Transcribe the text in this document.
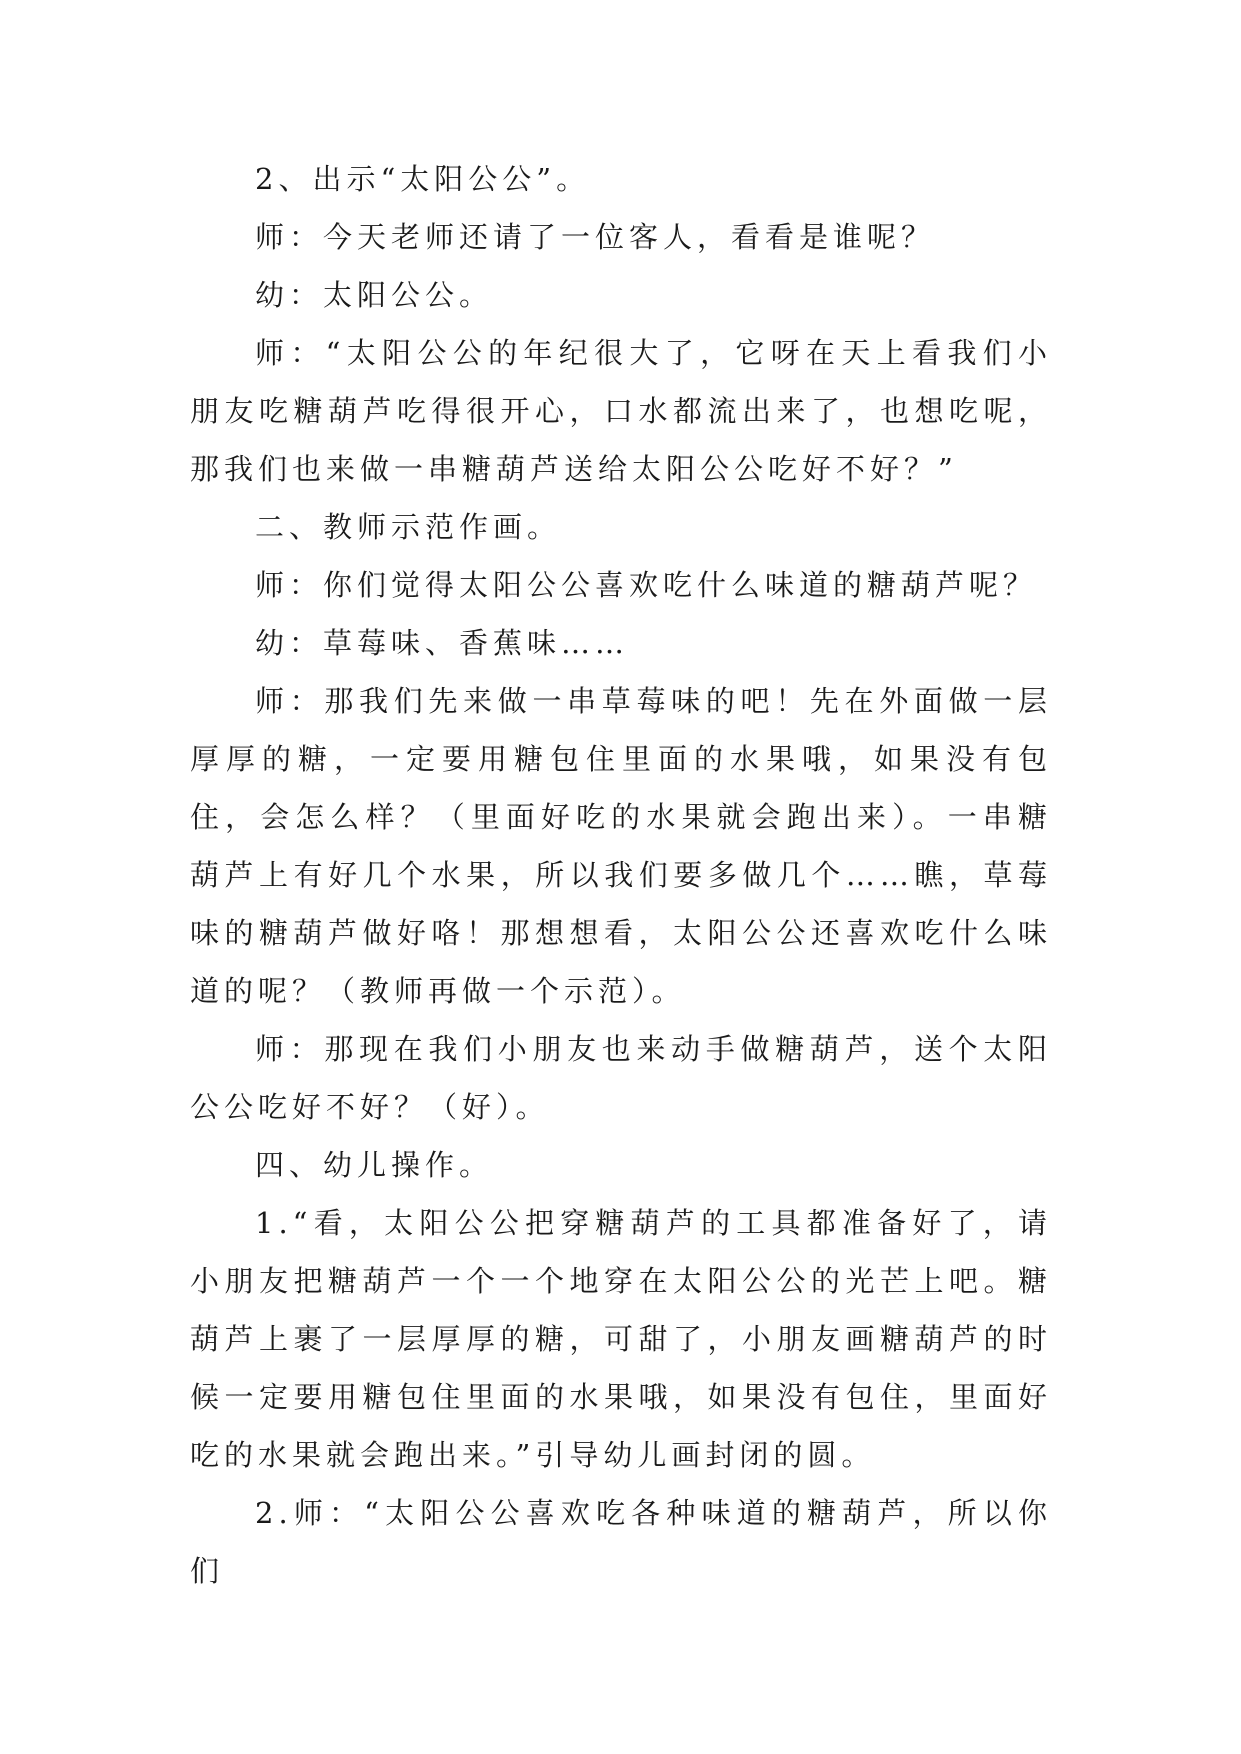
2、出示“太阳公公”。

师：今天老师还请了一位客人，看看是谁呢？

幼：太阳公公。

师：“太阳公公的年纪很大了，它呀在天上看我们小朋友吃糖葫芦吃得很开心，口水都流出来了，也想吃呢，那我们也来做一串糖葫芦送给太阳公公吃好不好？”

二、教师示范作画。

师：你们觉得太阳公公喜欢吃什么味道的糖葫芦呢？

幼：草莓味、香蕉味……

师：那我们先来做一串草莓味的吧！先在外面做一层厚厚的糖，一定要用糖包住里面的水果哦，如果没有包住，会怎么样？（里面好吃的水果就会跑出来）。一串糖葫芦上有好几个水果，所以我们要多做几个……瞧，草莓味的糖葫芦做好咯！那想想看，太阳公公还喜欢吃什么味道的呢？（教师再做一个示范）。

师：那现在我们小朋友也来动手做糖葫芦，送个太阳公公吃好不好？（好）。

四、幼儿操作。

1.“看，太阳公公把穿糖葫芦的工具都准备好了，请小朋友把糖葫芦一个一个地穿在太阳公公的光芒上吧。糖葫芦上裹了一层厚厚的糖，可甜了，小朋友画糖葫芦的时候一定要用糖包住里面的水果哦，如果没有包住，里面好吃的水果就会跑出来。”引导幼儿画封闭的圆。

2.师：“太阳公公喜欢吃各种味道的糖葫芦，所以你们
